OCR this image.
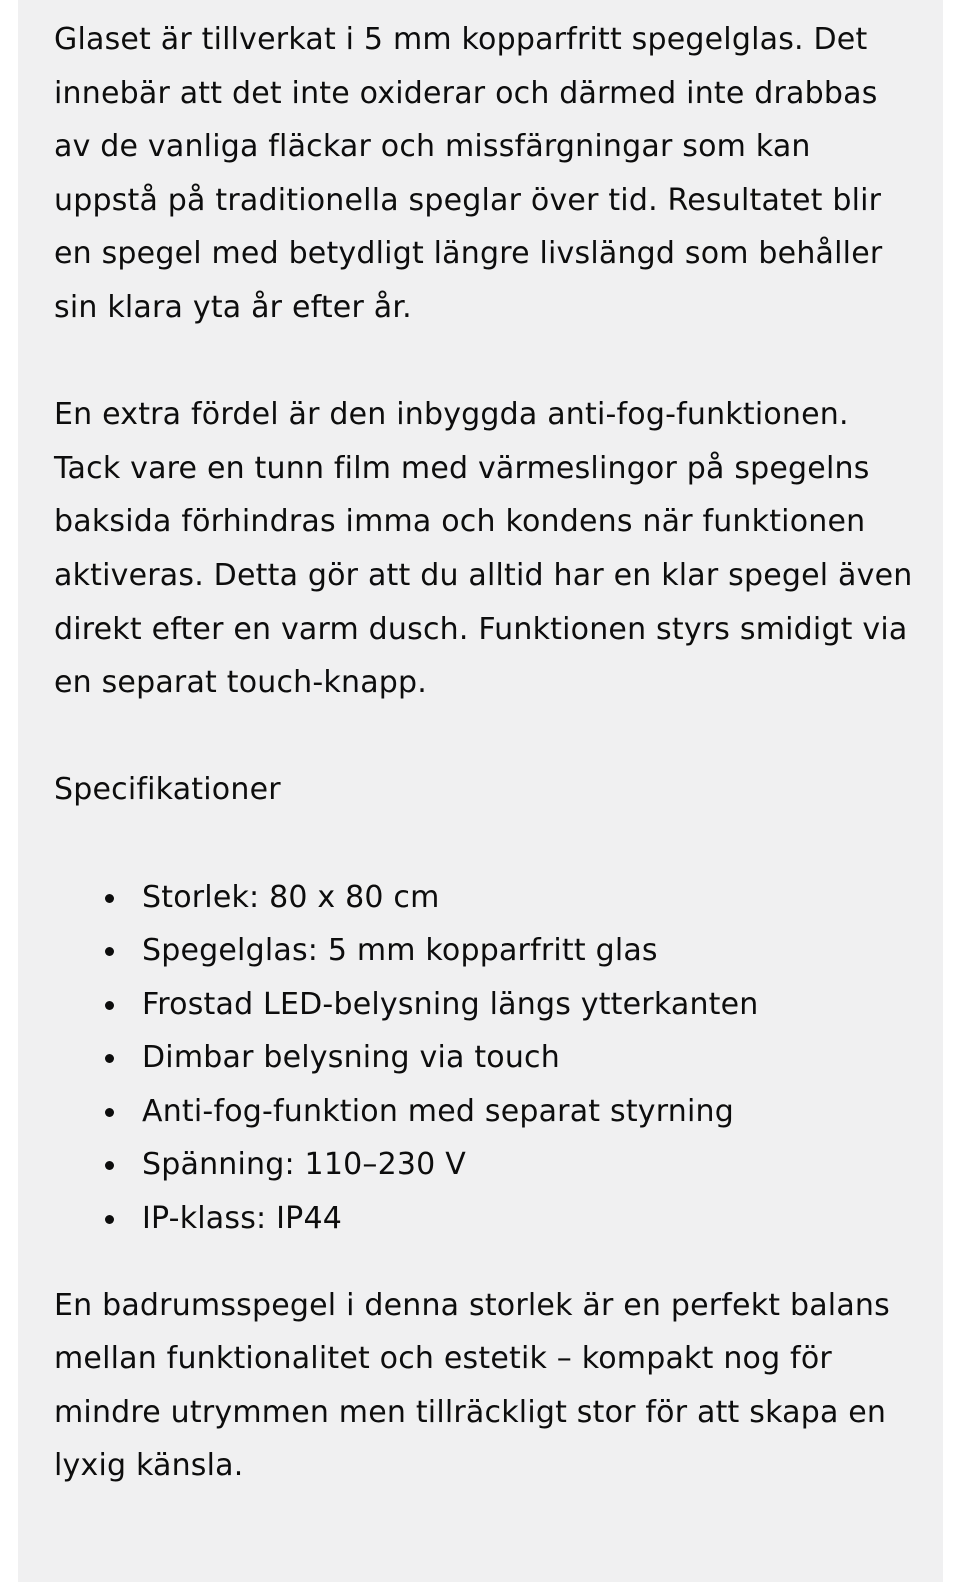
Glaset är tillverkat i 5 mm kopparfritt spegelglas. Det innebär att det inte oxiderar och därmed inte drabbas av de vanliga fläckar och missfärgningar som kan uppstå på traditionella speglar över tid. Resultatet blir en spegel med betydligt längre livslängd som behåller sin klara yta år efter år.

En extra fördel är den inbyggda anti-fog-funktionen. Tack vare en tunn film med värmeslingor på spegelns baksida förhindras imma och kondens när funktionen aktiveras. Detta gör att du alltid har en klar spegel även direkt efter en varm dusch. Funktionen styrs smidigt via en separat touch-knapp.

Specifikationer

Storlek: 80 x 80 cm
Spegelglas: 5 mm kopparfritt glas
Frostad LED-belysning längs ytterkanten
Dimbar belysning via touch
Anti-fog-funktion med separat styrning
Spänning: 110–230 V
IP-klass: IP44

En badrumsspegel i denna storlek är en perfekt balans mellan funktionalitet och estetik – kompakt nog för mindre utrymmen men tillräckligt stor för att skapa en lyxig känsla.
